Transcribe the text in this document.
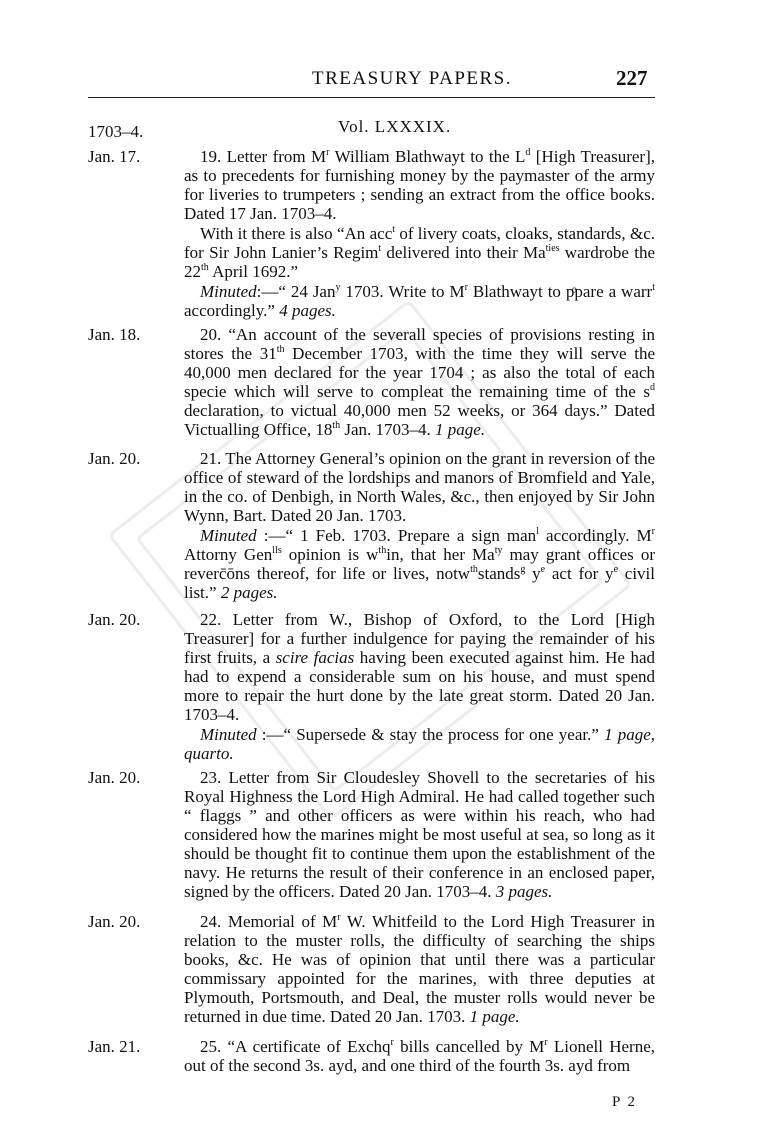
TREASURY PAPERS.	227
1703–4.	Vol. LXXXIX.
Jan. 17.	19. Letter from $M^r$ William Blathwayt to the $L^d$ [High Treasurer], as to precedents for furnishing money by the paymaster of the army for liveries to trumpeters ; sending an extract from the office books. Dated 17 Jan. 1703–4.

With it there is also “An acc$^t$ of livery coats, cloaks, standards, &c. for Sir John Lanier’s Regim$^t$ delivered into their $Ma^{ties}$ wardrobe the 22th April 1692.”

Minuted:—“ 24 Jan$^y$ 1703. Write to $M^r$ Blathwayt to pͦpare a warr$^t$ accordingly.” 4 pages.

Jan. 18.	20. “An account of the severall species of provisions resting in stores the 31th December 1703, with the time they will serve the 40,000 men declared for the year 1704 ; as also the total of each specie which will serve to compleat the remaining time of the $s^d$ declaration, to victual 40,000 men 52 weeks, or 364 days.” Dated Victualling Office, 18th Jan. 1703–4. 1 page.

Jan. 20.	21. The Attorney General’s opinion on the grant in reversion of the office of steward of the lordships and manors of Bromfield and Yale, in the co. of Denbigh, in North Wales, &c., then enjoyed by Sir John Wynn, Bart. Dated 20 Jan. 1703.

Minuted :—“ 1 Feb. 1703. Prepare a sign man$^l$ accordingly. $M^r$ Attorny Gen$^{lls}$ opinion is $w^{th}in$, that her $Ma^{ty}$ may grant offices or reverc̄ōns thereof, for life or lives, notw$^{th}$stands$^g$ $y^e$ act for $y^e$ civil list.” 2 pages.

Jan. 20.	22. Letter from W., Bishop of Oxford, to the Lord [High Treasurer] for a further indulgence for paying the remainder of his first fruits, a scire facias having been executed against him. He had had to expend a considerable sum on his house, and must spend more to repair the hurt done by the late great storm. Dated 20 Jan. 1703–4.

Minuted :—“ Supersede & stay the process for one year.” 1 page, quarto.

Jan. 20.	23. Letter from Sir Cloudesley Shovell to the secretaries of his Royal Highness the Lord High Admiral. He had called together such “ flaggs ” and other officers as were within his reach, who had considered how the marines might be most useful at sea, so long as it should be thought fit to continue them upon the establishment of the navy. He returns the result of their conference in an enclosed paper, signed by the officers. Dated 20 Jan. 1703–4. 3 pages.

Jan. 20.	24. Memorial of $M^r$ W. Whitfeild to the Lord High Treasurer in relation to the muster rolls, the difficulty of searching the ships books, &c. He was of opinion that until there was a particular commissary appointed for the marines, with three deputies at Plymouth, Portsmouth, and Deal, the muster rolls would never be returned in due time. Dated 20 Jan. 1703. 1 page.

Jan. 21.	25. “A certificate of Exchq$^r$ bills cancelled by $M^r$ Lionell Herne, out of the second 3s. ayd, and one third of the fourth 3s. ayd from

P 2
